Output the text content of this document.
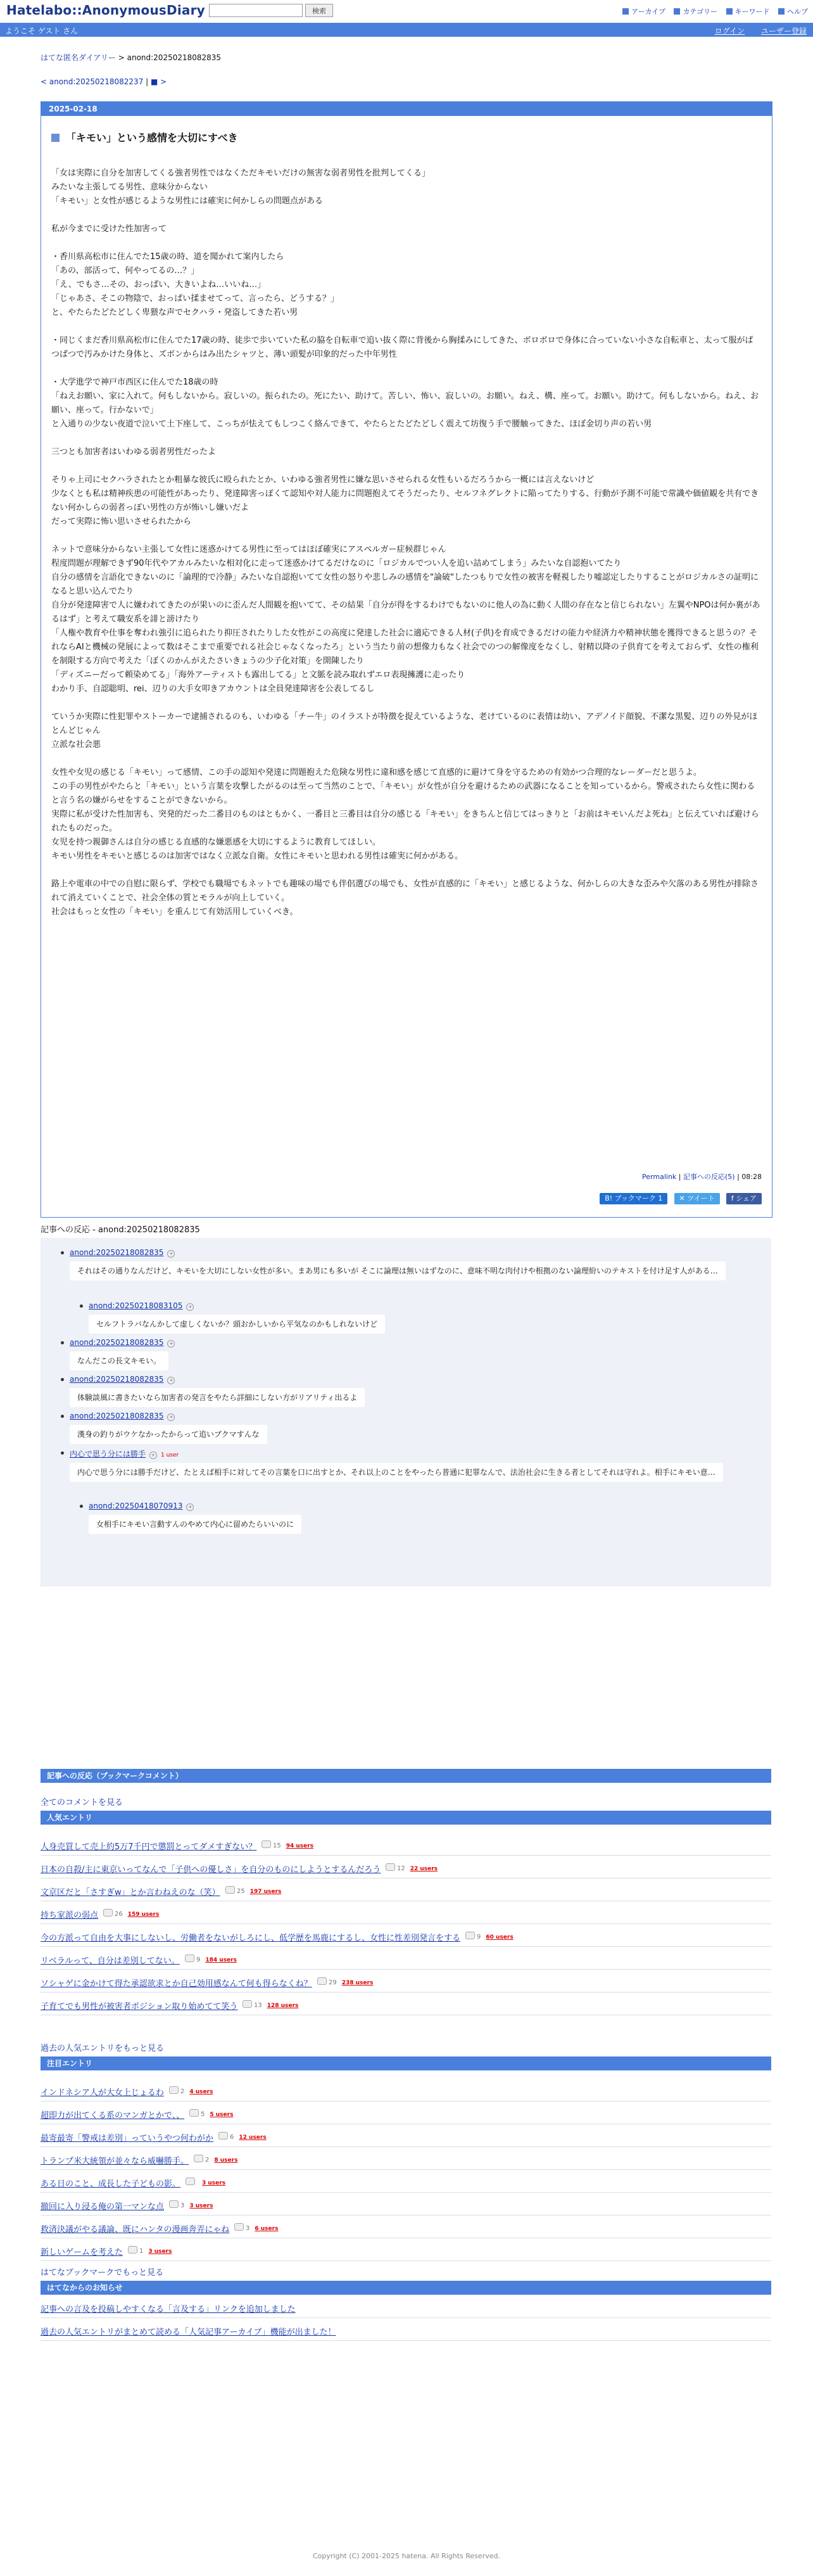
Hatelabo::AnonymousDiary	検索	アーカイブ	カテゴリー	キーワード	ヘルプ
ようこそ ゲスト さん	ログイン ユーザー登録
はてな匿名ダイアリー > anond:20250218082835
< anond:20250218082237 | ■ >
2025-02-18
「キモい」という感情を大切にすべき

「女は実際に自分を加害してくる強者男性ではなくただキモいだけの無害な弱者男性を批判してくる」

みたいな主張してる男性、意味分からない

「キモい」と女性が感じるような男性には確実に何かしらの問題点がある

私が今までに受けた性加害って

・香川県高松市に住んでた15歳の時、道を聞かれて案内したら

「あの、部活って、何やってるの…？」

「え、でもさ…その、おっぱい、大きいよね…いいね…」

「じゃあさ、そこの物陰で、おっぱい揉ませてって、言ったら、どうする？」

と、やたらたどたどしく卑猥な声でセクハラ・発盗してきた若い男

・同じくまだ香川県高松市に住んでた17歳の時、徒歩で歩いていた私の脇を自転車で追い抜く際に背後から胸揉みにしてきた、ボロボロで身体に合っていない小さな自転車と、太って服がぱつぱつで汚みかけた身体と、ズボンからはみ出たシャツと、薄い頭髪が印象的だった中年男性

・大学進学で神戸市西区に住んでた18歳の時

「ねえお願い、家に入れて。何もしないから。寂しいの。振られたの。死にたい、助けて。苦しい、怖い、寂しいの。お願い。ねえ、構、座って。お願い。助けて。何もしないから。ねえ、お願い、座って。行かないで」

と入通りの少ない夜道で泣いて土下座して、こっちが怯えてもしつこく絡んできて、やたらとたどたどしく震えて坊復う手で腰触ってきた、ほぼ金切り声の若い男

三つとも加害者はいわゆる弱者男性だったよ

そりゃ上司にセクハラされたとか粗暴な彼氏に殴られたとか、いわゆる強者男性に嫌な思いさせられる女性もいるだろうから一概には言えないけど

少なくとも私は精神疾患の可能性があったり、発達障害っぽくて認知や対人能力に問題抱えてそうだったり、セルフネグレクトに陥ってたりする、行動が予測不可能で常識や価値観を共有できない何かしらの弱者っぽい男性の方が怖いし嫌いだよ

だって実際に怖い思いさせられたから

ネットで意味分からない主張して女性に迷惑かけてる男性に至ってはほぼ確実にアスペルガー症候群じゃん

程度問題が理解できず90年代やアカルみたいな相対化に走って迷惑かけてるだけなのに「ロジカルでつい人を追い詰めてしまう」みたいな自認抱いてたり

自分の感情を言語化できないのに「論理的で冷静」みたいな自認抱いてて女性の怒りや悲しみの感情を"論破"したつもりで女性の被害を軽視したり嘘認定したりすることがロジカルさの証明になると思い込んでたり

自分が発達障害で人に嫌われてきたのが果いのに歪んだ人間観を抱いてて、その結果「自分が得をするわけでもないのに他人の為に動く人間の存在なと信じられない」左翼やNPOは何か裏があるはず」と考えて職安系を誹と謗けたり

「人権や教育や仕事を奪われ強引に追られたり抑圧されたりした女性がこの高度に発達した社会に適応できる人材(子供)を育成できるだけの能力や経済力や精神状態を獲得できると思うの？それならAIと機械の発展によって数はそこまで重要でれる社会じゃなくなったろ」という当たり前の想像力もなく社会でのつの解像度をなくし、射精以降の子供育てを考えておらず、女性の権利を制限する方向で考えた「ぼくのかんがえたさいきょうの少子化対策」を開陳したり

「ディズニーだって頼染めてる」「海外アーティストも露出してる」と文脈を読み取れずエロ表現擁護に走ったり

わかり手、自認聡明、rei、辺りの大手女叩きアカウントは全員発達障害を公表してるし

ていうか実際に性犯罪やストーカーで逮捕されるのも、いわゆる「チー牛」のイラストが特徴を捉えているような、老けているのに表情は幼い、アデノイド顔貌、不潔な黒髪、辺りの外見がほとんどじゃん

立派な社会悪

女性や女児の感じる「キモい」って感情、この手の認知や発達に問題抱えた危険な男性に違和感を感じて直感的に避けて身を守るための有効かつ合理的なレーダーだと思うよ。

この手の男性がやたらと「キモい」という言葉を攻撃したがるのは至って当然のことで、「キモい」が女性が自分を避けるための武器になることを知っているから。警戒されたら女性に関わると言う名の嫌がらせをすることができないから。

実際に私が受けた性加害も、突発的だった二番目のものはともかく、一番目と三番目は自分の感じる「キモい」をきちんと信じてはっきりと「お前はキモいんだよ死ね」と伝えていれば避けられたものだった。

女児を持つ親御さんは自分の感じる直感的な嫌悪感を大切にするように教育してほしい。

キモい男性をキモいと感じるのは加害ではなく立派な自衛。女性にキモいと思われる男性は確実に何かがある。

路上や電車の中での自慰に限らず、学校でも職場でもネットでも趣味の場でも伴侶選びの場でも、女性が直感的に「キモい」と感じるような、何かしらの大きな歪みや欠落のある男性が排除されて消えていくことで、社会全体の質とモラルが向上していく。

社会はもっと女性の「キモい」を重んじて有効活用していくべき。

Permalink | 記事への反応(5) | 08:28
B! ブックマーク 1 ✕ ツイート f シェア
記事への反応 - anond:20250218082835
anond:20250218082835 +
それはその通りなんだけど、キモいを大切にしない女性が多い。まあ男にも多いが そこに論理は無いはずなのに、意味不明な肉付けや根拠のない論理紛いのテキストを付け足す人がある…
anond:20250218083105 +
セルフトラバなんかして虚しくないか？頭おかしいから平気なのかもしれないけど
anond:20250218082835 +
なんだこの長文キモい。
anond:20250218082835 +
体験談風に書きたいなら加害者の発言をやたら詳細にしない方がリアリティ出るよ
anond:20250218082835 +
漢身の釣りがウケなかったからって追いブクマすんな
内心で思う分には勝手 + 1 user
内心で思う分には勝手だけど、たとえば相手に対してその言葉を口に出すとか、それ以上のことをやったら普通に犯罪なんで、法治社会に生きる者としてそれは守れよ。相手にキモい意…
anond:20250418070913 +
女相手にキモい言動すんのやめて内心に留めたらいいのに
記事への反応（ブックマークコメント）
全てのコメントを見る
人気エントリ
人身売買して売上約5万7千円で懲罰とってダメすぎない？	15 94 users
日本の自殺/主に東京いってなんで「子供への優しさ」を自分のものにしようとするんだろう	12 22 users
文京区だと「さすぎw」とか言わねえのな（笑）	25 197 users
持ち家派の弱点	26 159 users
今の方派って自由を大事にしないし、労働者をないがしろにし、低学歴を馬鹿にするし、女性に性差別発言をする	9 60 users
リベラルって、自分は差別してない。	9 184 users
ソシャゲに金かけて得た承認欲求とか自己効用感なんて何も得らなくね？	29 238 users
子育てでも男性が被害者ポジション取り始めてて笑う	13 128 users
過去の人気エントリをもっと見る
注目エントリ
インドネシア人が大女上じょるわ	2 4 users
超即力が出てくる系のマンガとかで、、	5 5 users
最寄最寄「警戒は差別」っていうやつ何わがか	6 12 users
トランプ米大統領が並々なら威嚇勝手。	2 8 users
ある日のこと、成長した子どもの影。	3 users
撤回に入り浸る俺の第一マンな点	3 3 users
救済決議がやる議論、既にハンタの漫画奔弄にゃね	3 6 users
新しいゲームを考えた	1 3 users
はてなブックマークでもっと見る
はてなからのお知らせ
記事への言及を投稿しやすくなる「言及する」リンクを追加しました
過去の人気エントリがまとめて読める「人気記事アーカイブ」機能が出ました！
Copyright (C) 2001-2025 hatena. All Rights Reserved.
